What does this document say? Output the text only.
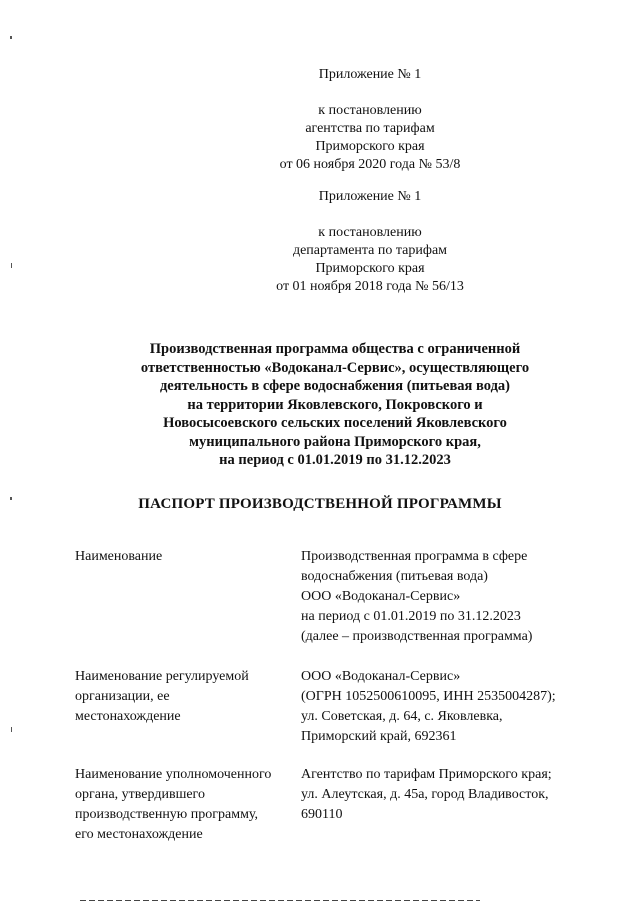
Приложение № 1
к постановлению
агентства по тарифам
Приморского края
от 06 ноября 2020 года № 53/8
Приложение № 1
к постановлению
департамента по тарифам
Приморского края
от 01 ноября 2018 года № 56/13
Производственная программа общества с ограниченной
ответственностью «Водоканал-Сервис», осуществляющего
деятельность в сфере водоснабжения (питьевая вода)
на территории Яковлевского, Покровского и
Новосысоевского сельских поселений Яковлевского
муниципального района Приморского края,
на период с 01.01.2019 по 31.12.2023
ПАСПОРТ ПРОИЗВОДСТВЕННОЙ ПРОГРАММЫ
Наименование	Производственная программа в сфере
водоснабжения (питьевая вода)
ООО «Водоканал-Сервис»
на период с 01.01.2019 по 31.12.2023
(далее – производственная программа)
Наименование регулируемой
организации, ее
местонахождение
ООО «Водоканал-Сервис»
(ОГРН 1052500610095, ИНН 2535004287);
ул. Советская, д. 64, с. Яковлевка,
Приморский край, 692361
Наименование уполномоченного
органа, утвердившего
производственную программу,
его местонахождение
Агентство по тарифам Приморского края;
ул. Алеутская, д. 45а, город Владивосток,
690110
